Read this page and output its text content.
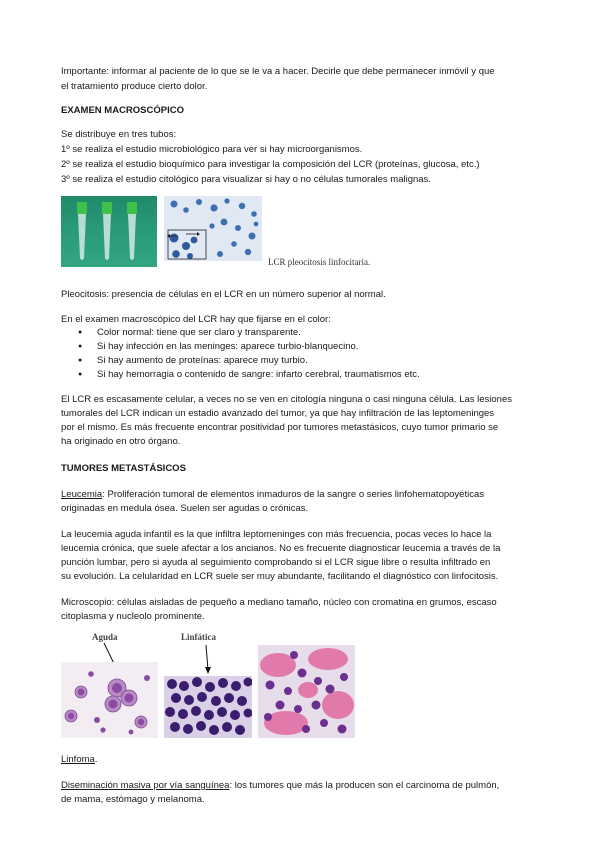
Importante: informar al paciente de lo que se le va a hacer. Decirle que debe permanecer inmóvil y que

el tratamiento produce cierto dolor.

EXAMEN MACROSCÓPICO

Se distribuye en tres tubos:

1º se realiza el estudio microbiológico para ver si hay microorganismos.

2º se realiza el estudio bioquímico para investigar la composición del LCR (proteínas, glucosa, etc.)

3º se realiza el estudio citológico para visualizar si hay o no células tumorales malignas.

LCR pleocitosis linfocitaria.

Pleocitosis: presencia de células en el LCR en un número superior al normal.

En el examen macroscópico del LCR hay que fijarse en el color:

● Color normal: tiene que ser claro y transparente.
● Si hay infección en las meninges: aparece turbio-blanquecino.
● Si hay aumento de proteínas: aparece muy turbio.
● Si hay hemorragia o contenido de sangre: infarto cerebral, traumatismos etc.

El LCR es escasamente celular, a veces no se ven en citología ninguna o casi ninguna célula. Las lesiones

tumorales del LCR indican un estadio avanzado del tumor, ya que hay infiltración de las leptomeninges

por el mismo. Es más frecuente encontrar positividad por tumores metastásicos, cuyo tumor primario se

ha originado en otro órgano.

TUMORES METASTÁSICOS

Leucemia: Proliferación tumoral de elementos inmaduros de la sangre o series linfohematopoyéticas

originadas en medula ósea. Suelen ser agudas o crónicas.

La leucemia aguda infantil es la que infiltra leptomeninges con más frecuencia, pocas veces lo hace la

leucemia crónica, que suele afectar a los ancianos. No es frecuente diagnosticar leucemia a través de la

punción lumbar, pero si ayuda al seguimiento comprobando si el LCR sigue libre o resulta infiltrado en

su evolución. La celularidad en LCR suele ser muy abundante, facilitando el diagnóstico con linfocitosis.

Microscopio: células aisladas de pequeño a mediano tamaño, núcleo con cromatina en grumos, escaso

citoplasma y nucleolo prominente.

Aguda	Linfática

Linfoma.

Diseminación masiva por vía sanguínea: los tumores que más la producen son el carcinoma de pulmón,

de mama, estómago y melanoma.
